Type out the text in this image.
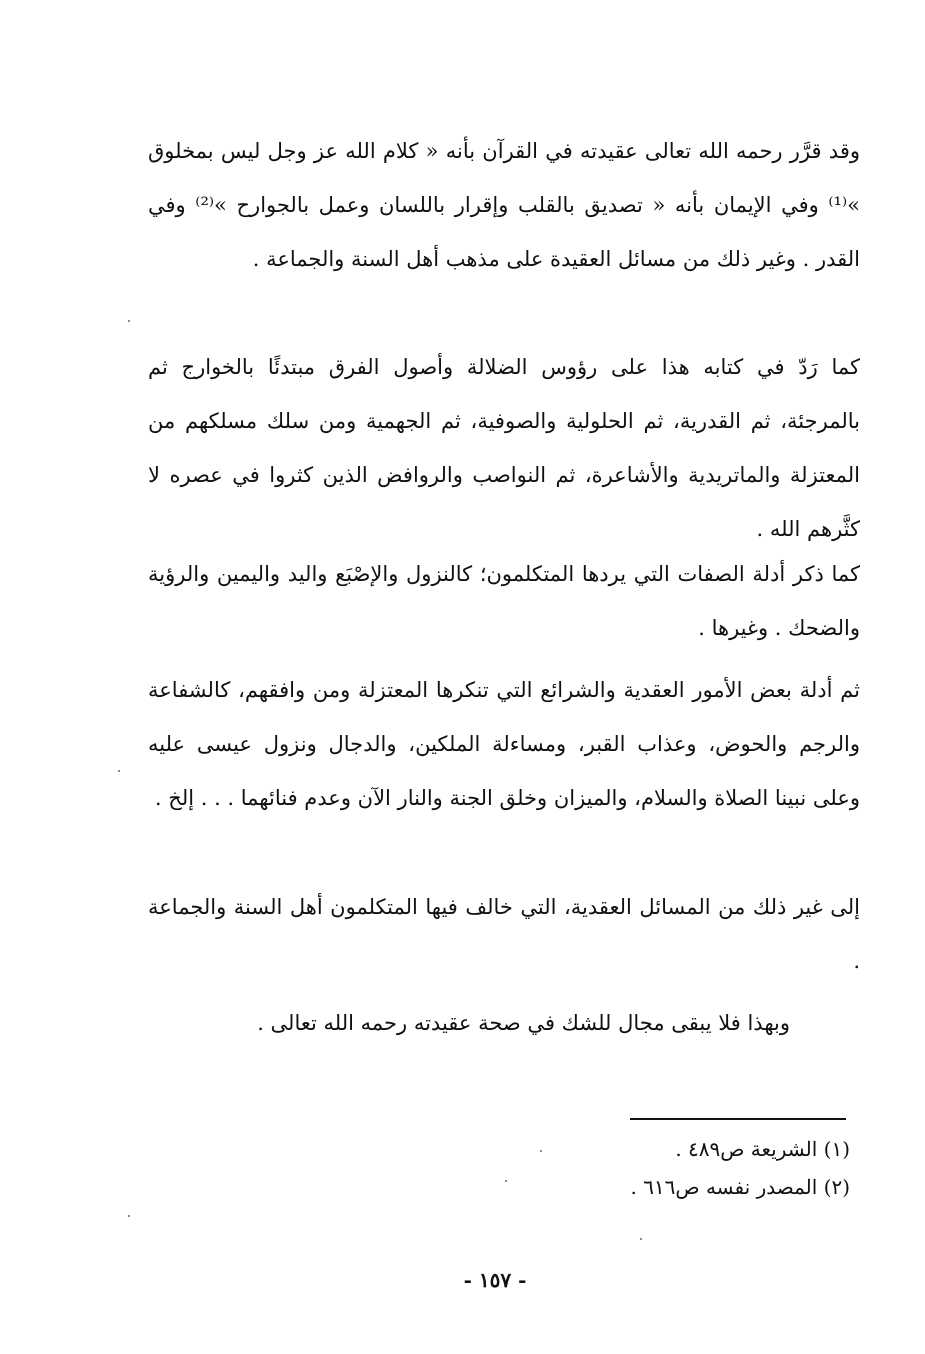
وقد قرَّر رحمه الله تعالى عقيدته في القرآن بأنه « كلام الله عز وجل ليس بمخلوق »⁽¹⁾ وفي الإيمان بأنه « تصديق بالقلب وإقرار باللسان وعمل بالجوارح »⁽²⁾ وفي القدر . وغير ذلك من مسائل العقيدة على مذهب أهل السنة والجماعة .

كما رَدّ في كتابه هذا على رؤوس الضلالة وأصول الفرق مبتدئًا بالخوارج ثم بالمرجئة، ثم القدرية، ثم الحلولية والصوفية، ثم الجهمية ومن سلك مسلكهم من المعتزلة والماتريدية والأشاعرة، ثم النواصب والروافض الذين كثروا في عصره لا كثَّرهم الله .

كما ذكر أدلة الصفات التي يردها المتكلمون؛ كالنزول والإصْبَع واليد واليمين والرؤية والضحك . وغيرها .

ثم أدلة بعض الأمور العقدية والشرائع التي تنكرها المعتزلة ومن وافقهم، كالشفاعة والرجم والحوض، وعذاب القبر، ومساءلة الملكين، والدجال ونزول عيسى عليه وعلى نبينا الصلاة والسلام، والميزان وخلق الجنة والنار الآن وعدم فنائهما . . . إلخ .

إلى غير ذلك من المسائل العقدية، التي خالف فيها المتكلمون أهل السنة والجماعة .

وبهذا فلا يبقى مجال للشك في صحة عقيدته رحمه الله تعالى .

(١) الشريعة ص٤٨٩ .
(٢) المصدر نفسه ص٦١٦ .
- ١٥٧ -
